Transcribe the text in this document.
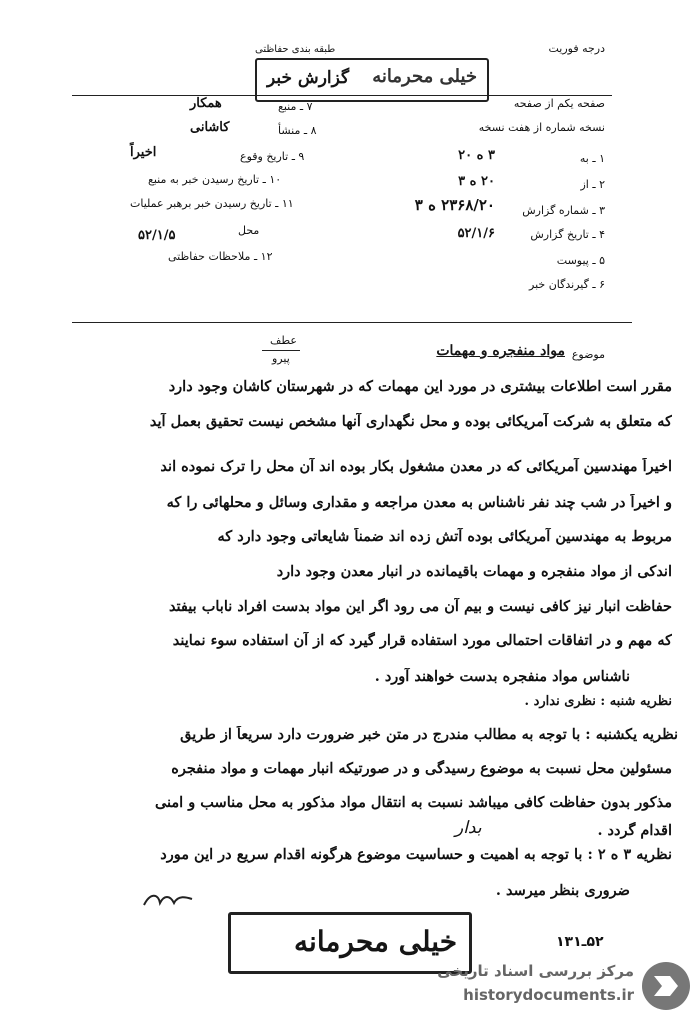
درجه فوریت
طبقه بندی حفاظتی
گزارش خبر خیلی محرمانه
صفحه یکم از صفحه
نسخه شماره از هفت نسخه
۱ ـ به
۳ ه ۲۰
۲ ـ از
۲۰ ه ۳
۳ ـ شماره گزارش
۲۳۶۸/۲۰ ه ۳
۴ ـ تاریخ گزارش
۵۲/۱/۶
۵ ـ پیوست
۶ ـ گیرندگان خبر
۷ ـ منبع
همکار
۸ ـ منشأ
کاشانی
۹ ـ تاریخ وقوع
اخیراً
۱۰ ـ تاریخ رسیدن خبر به منبع
۱۱ ـ تاریخ رسیدن خبر برهبر عملیات
۵۲/۱/۵	محل
۱۲ ـ ملاحظات حفاظتی
عطف
پیرو	موضوع
مواد منفجره و مهمات
مقرر است اطلاعات بیشتری در مورد این مهمات که در شهرستان کاشان وجود دارد
که متعلق به شرکت آمریکائی بوده و محل نگهداری آنها مشخص نیست تحقیق بعمل آید
اخیراً مهندسین آمریکائی که در معدن مشغول بکار بوده اند آن محل را ترک نموده اند
و اخیراً در شب چند نفر ناشناس به معدن مراجعه و مقداری وسائل و محلهائی را که
مربوط به مهندسین آمریکائی بوده آتش زده اند ضمناً شایعاتی وجود دارد که
اندکی از مواد منفجره و مهمات باقیمانده در انبار معدن وجود دارد
حفاظت انبار نیز کافی نیست و بیم آن می رود اگر این مواد بدست افراد ناباب بیفتد
که مهم و در اتفاقات احتمالی مورد استفاده قرار گیرد که از آن استفاده سوء نمایند
ناشناس مواد منفجره بدست خواهند آورد .
نظریه شنبه : نظری ندارد .
نظریه یکشنبه : با توجه به مطالب مندرج در متن خبر ضرورت دارد سریعاً از طریق
مسئولین محل نسبت به موضوع رسیدگی و در صورتیکه انبار مهمات و مواد منفجره
مذکور بدون حفاظت کافی میباشد نسبت به انتقال مواد مذکور به محل مناسب و امنی
اقدام گردد .
بدار
نظریه ۳ ه ۲ : با توجه به اهمیت و حساسیت موضوع هرگونه اقدام سریع در این مورد
ضروری بنظر میرسد .
خیلی محرمانه	۵۲ـ۱۳۱
مرکز بررسی اسناد تاریخی
historydocuments.ir
